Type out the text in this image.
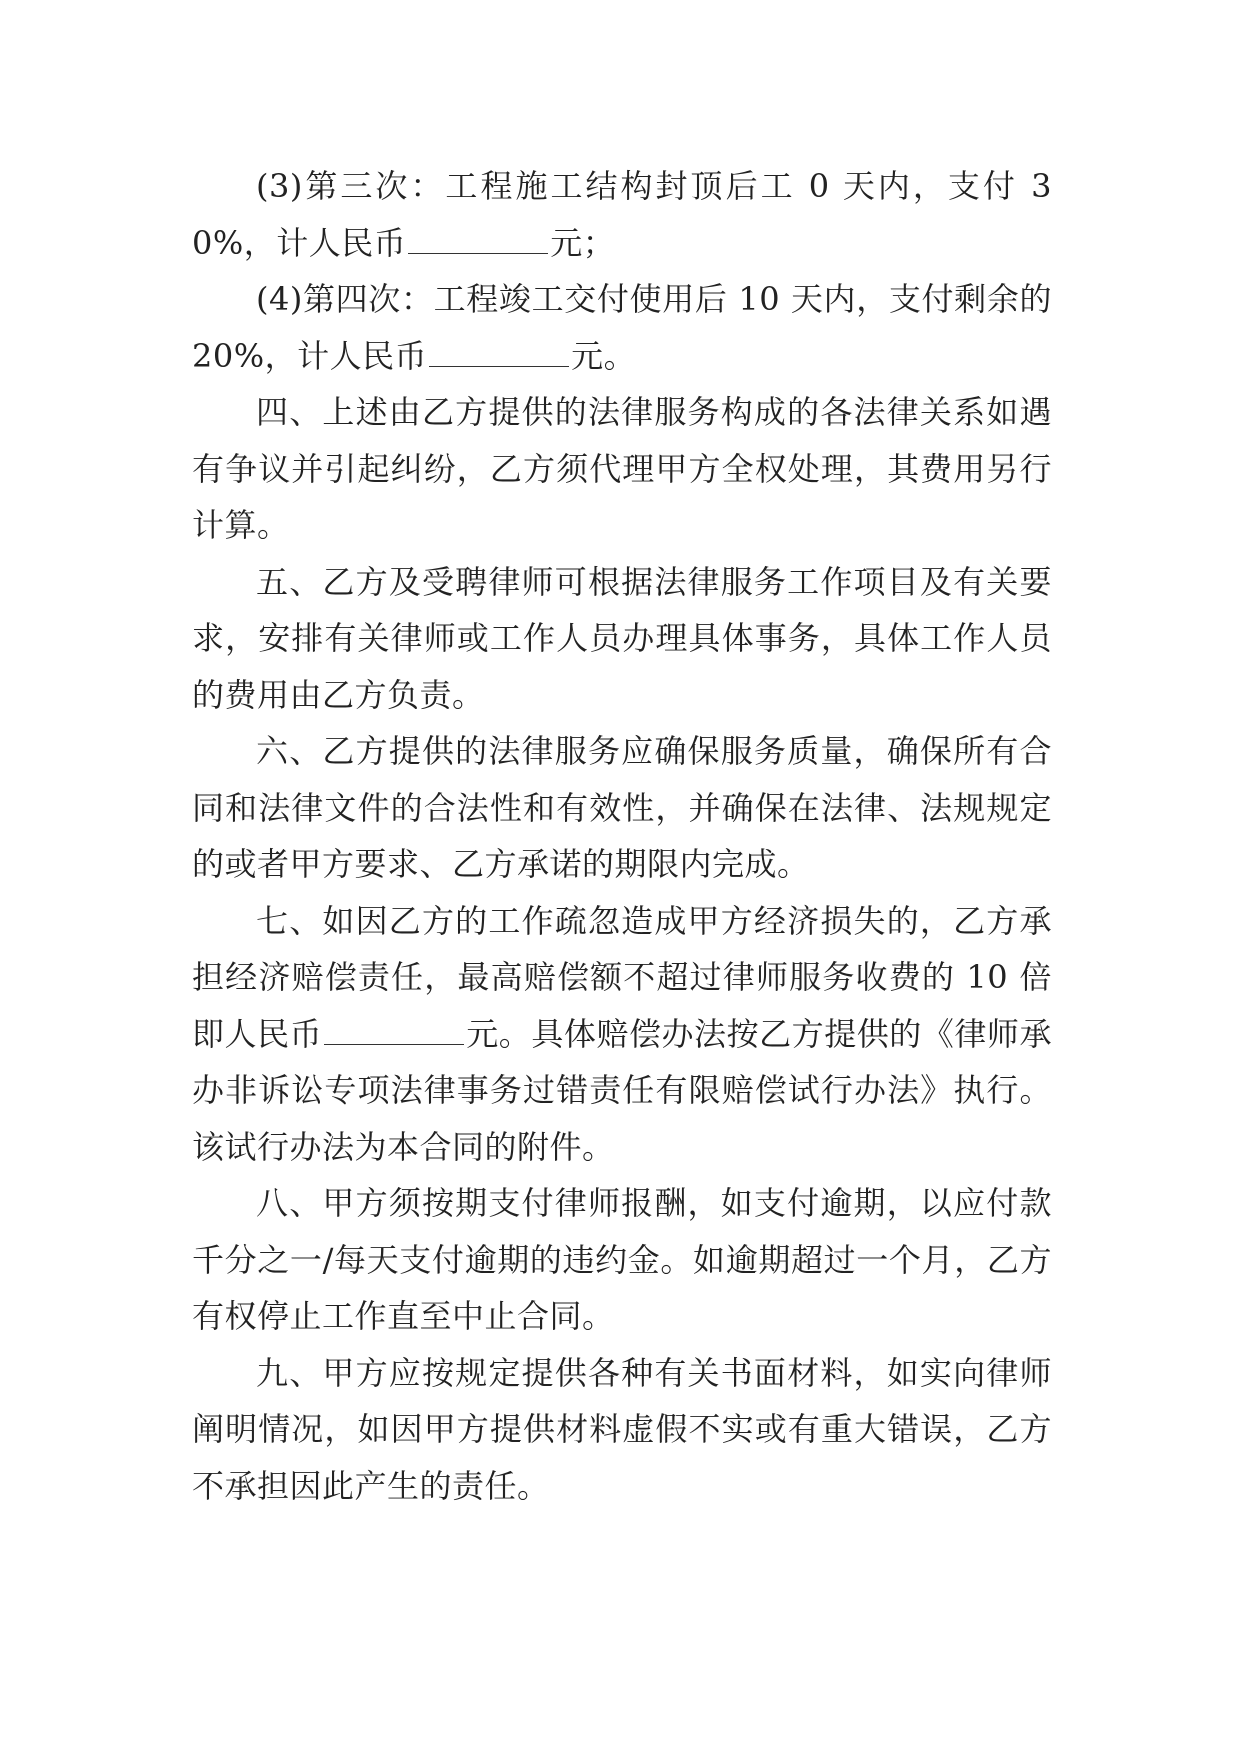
(3)第三次：工程施工结构封顶后工 0 天内，支付 30%，计人民币	元；

(4)第四次：工程竣工交付使用后 10 天内，支付剩余的 20%，计人民币	元。

四、上述由乙方提供的法律服务构成的各法律关系如遇有争议并引起纠纷，乙方须代理甲方全权处理，其费用另行计算。

五、乙方及受聘律师可根据法律服务工作项目及有关要求，安排有关律师或工作人员办理具体事务，具体工作人员的费用由乙方负责。

六、乙方提供的法律服务应确保服务质量，确保所有合同和法律文件的合法性和有效性，并确保在法律、法规规定的或者甲方要求、乙方承诺的期限内完成。

七、如因乙方的工作疏忽造成甲方经济损失的，乙方承担经济赔偿责任，最高赔偿额不超过律师服务收费的 10 倍即人民币	元。具体赔偿办法按乙方提供的《律师承办非诉讼专项法律事务过错责任有限赔偿试行办法》执行。该试行办法为本合同的附件。

八、甲方须按期支付律师报酬，如支付逾期，以应付款千分之一/每天支付逾期的违约金。如逾期超过一个月，乙方有权停止工作直至中止合同。

九、甲方应按规定提供各种有关书面材料，如实向律师阐明情况，如因甲方提供材料虚假不实或有重大错误，乙方不承担因此产生的责任。
